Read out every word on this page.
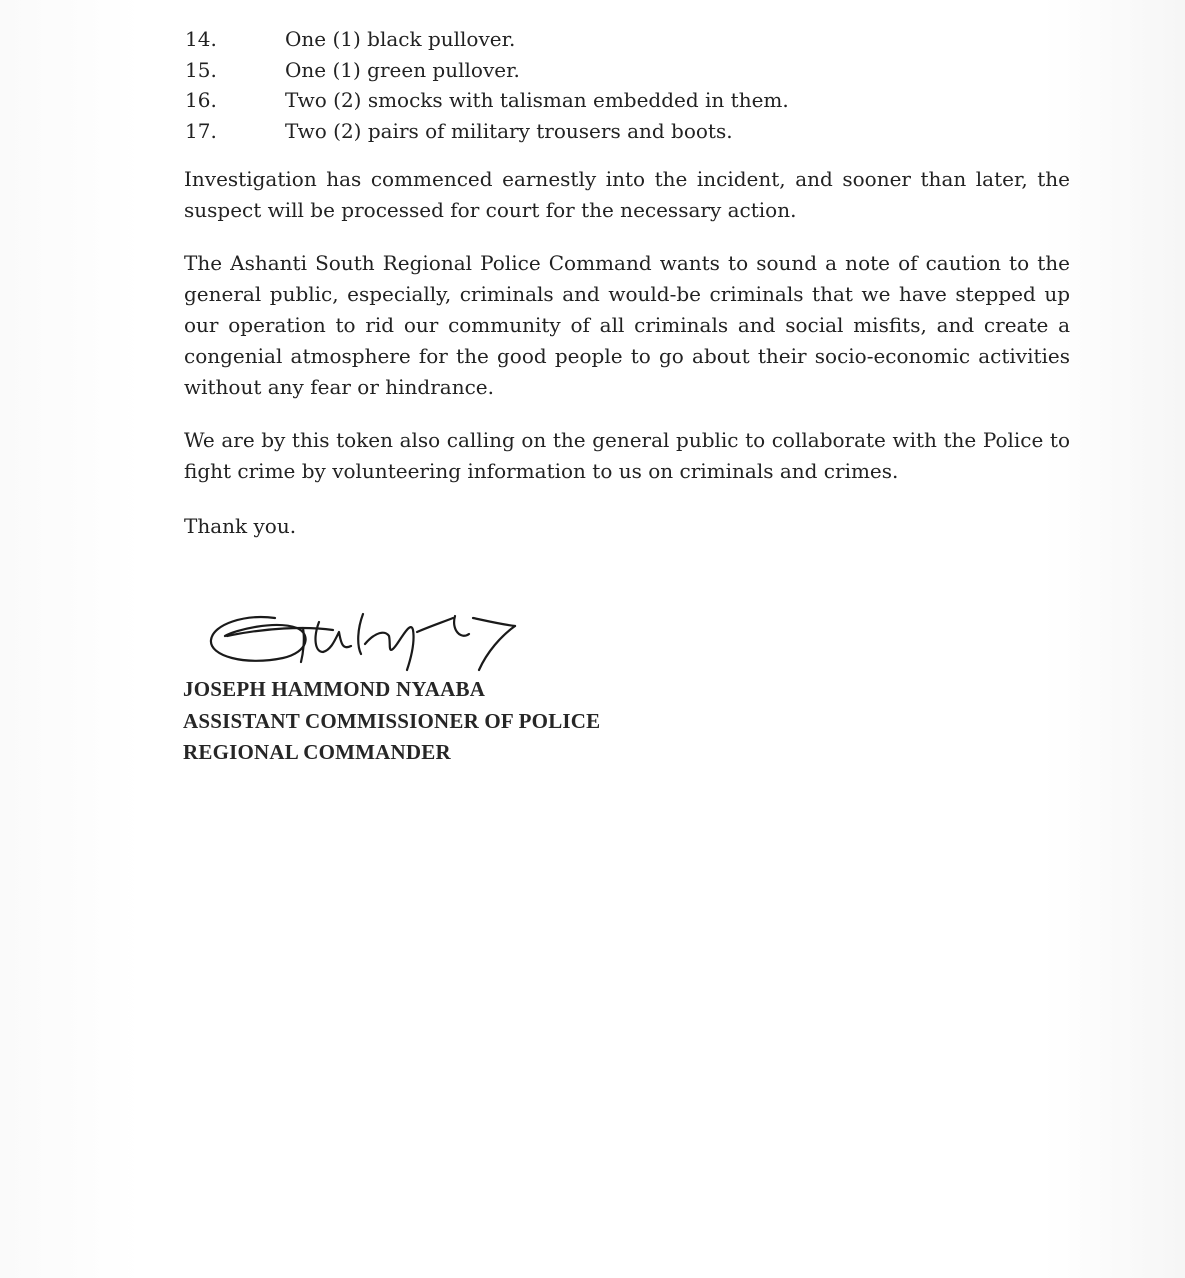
14.	One (1) black pullover.
15.	One (1) green pullover.
16.	Two (2) smocks with talisman embedded in them.
17.	Two (2) pairs of military trousers and boots.

Investigation has commenced earnestly into the incident, and sooner than later, the suspect will be processed for court for the necessary action.

The Ashanti South Regional Police Command wants to sound a note of caution to the general public, especially, criminals and would-be criminals that we have stepped up our operation to rid our community of all criminals and social misfits, and create a congenial atmosphere for the good people to go about their socio-economic activities without any fear or hindrance.

We are by this token also calling on the general public to collaborate with the Police to fight crime by volunteering information to us on criminals and crimes.

Thank you.

JOSEPH HAMMOND NYAABA
ASSISTANT COMMISSIONER OF POLICE
REGIONAL COMMANDER
